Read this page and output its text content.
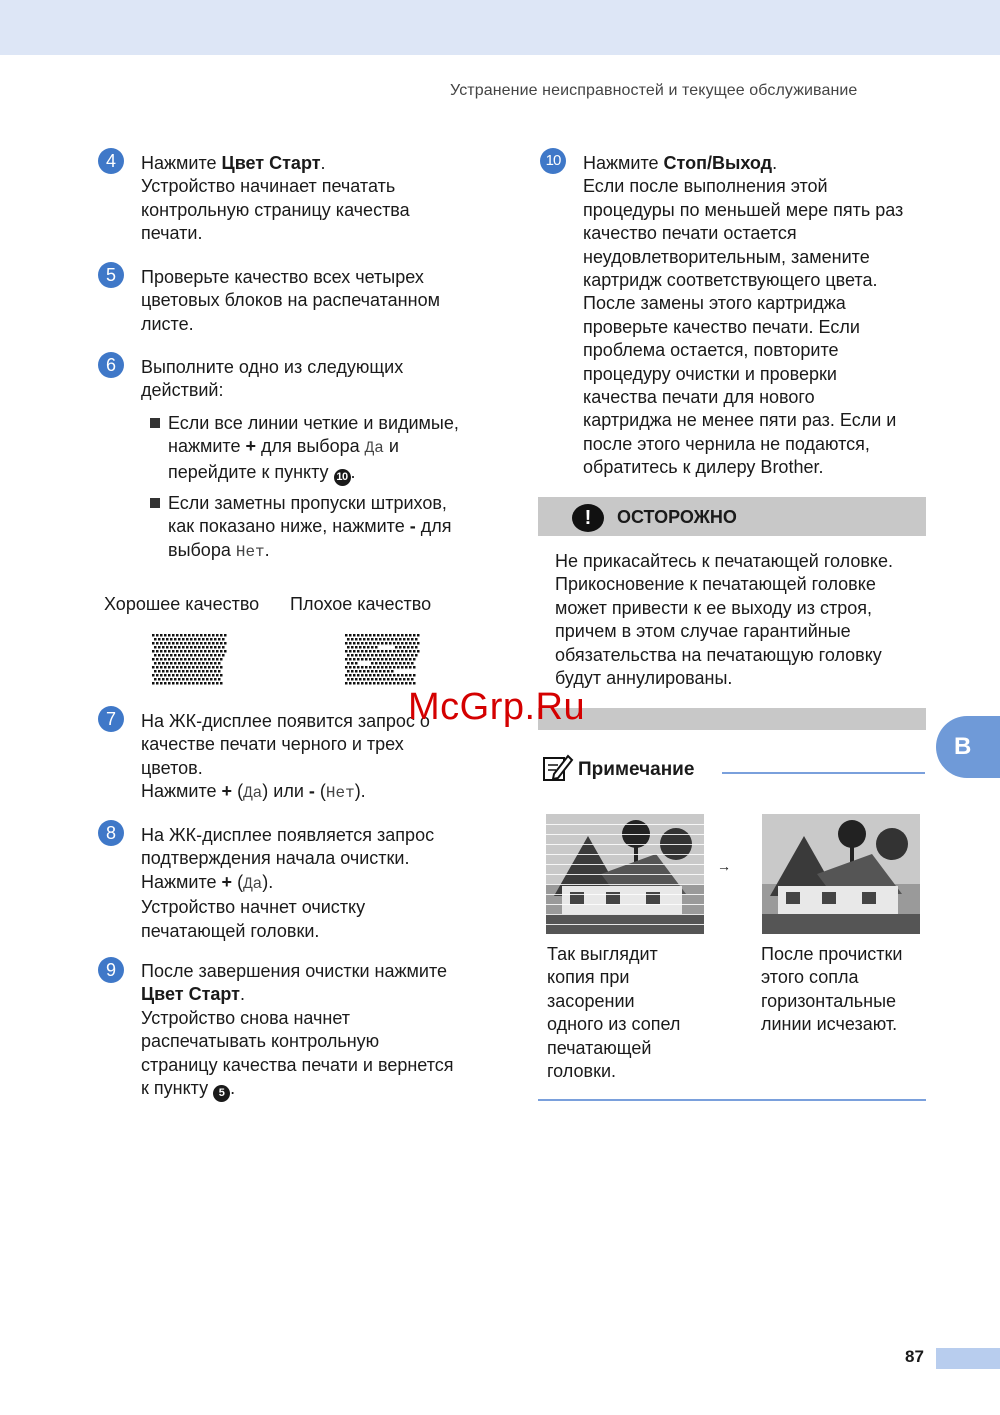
Устранение неисправностей и текущее обслуживание
4	Нажмите Цвет Старт.

Устройство начинает печатать

контрольную страницу качества

печати.

5	Проверьте качество всех четырех

цветовых блоков на распечатанном

листе.

6	Выполните одно из следующих

действий:

Если все линии четкие и видимые,
нажмите + для выбора Да и
перейдите к пункту 10 .
Если заметны пропуски штрихов,
как показано ниже, нажмите - для
выбора Нет.
Хорошее качество Плохое качество
7	На ЖК-дисплее появится запрос о

качестве печати черного и трех

цветов.

Нажмите + (Да) или - (Нет).

8	На ЖК-дисплее появляется запрос

подтверждения начала очистки.

Нажмите + (Да).

Устройство начнет очистку

печатающей головки.

9	После завершения очистки нажмите

Цвет Старт.

Устройство снова начнет

распечатывать контрольную

страницу качества печати и вернется

к пункту 5 .

10	Нажмите Стоп/Выход.

Если после выполнения этой

процедуры по меньшей мере пять раз

качество печати остается

неудовлетворительным, замените

картридж соответствующего цвета.

После замены этого картриджа

проверьте качество печати. Если

проблема остается, повторите

процедуру очистки и проверки

качества печати для нового

картриджа не менее пяти раз. Если и

после этого чернила не подаются,

обратитесь к дилеру Brother.

!	ОСТОРОЖНО
Не прикасайтесь к печатающей головке.
Прикосновение к печатающей головке
может привести к ее выходу из строя,
причем в этом случае гарантийные
обязательства на печатающую головку
будут аннулированы.
B
Примечание
→
Так выглядит
копия при
засорении
одного из сопел
печатающей
головки.
После прочистки
этого сопла
горизонтальные
линии исчезают.
McGrp.Ru
87
